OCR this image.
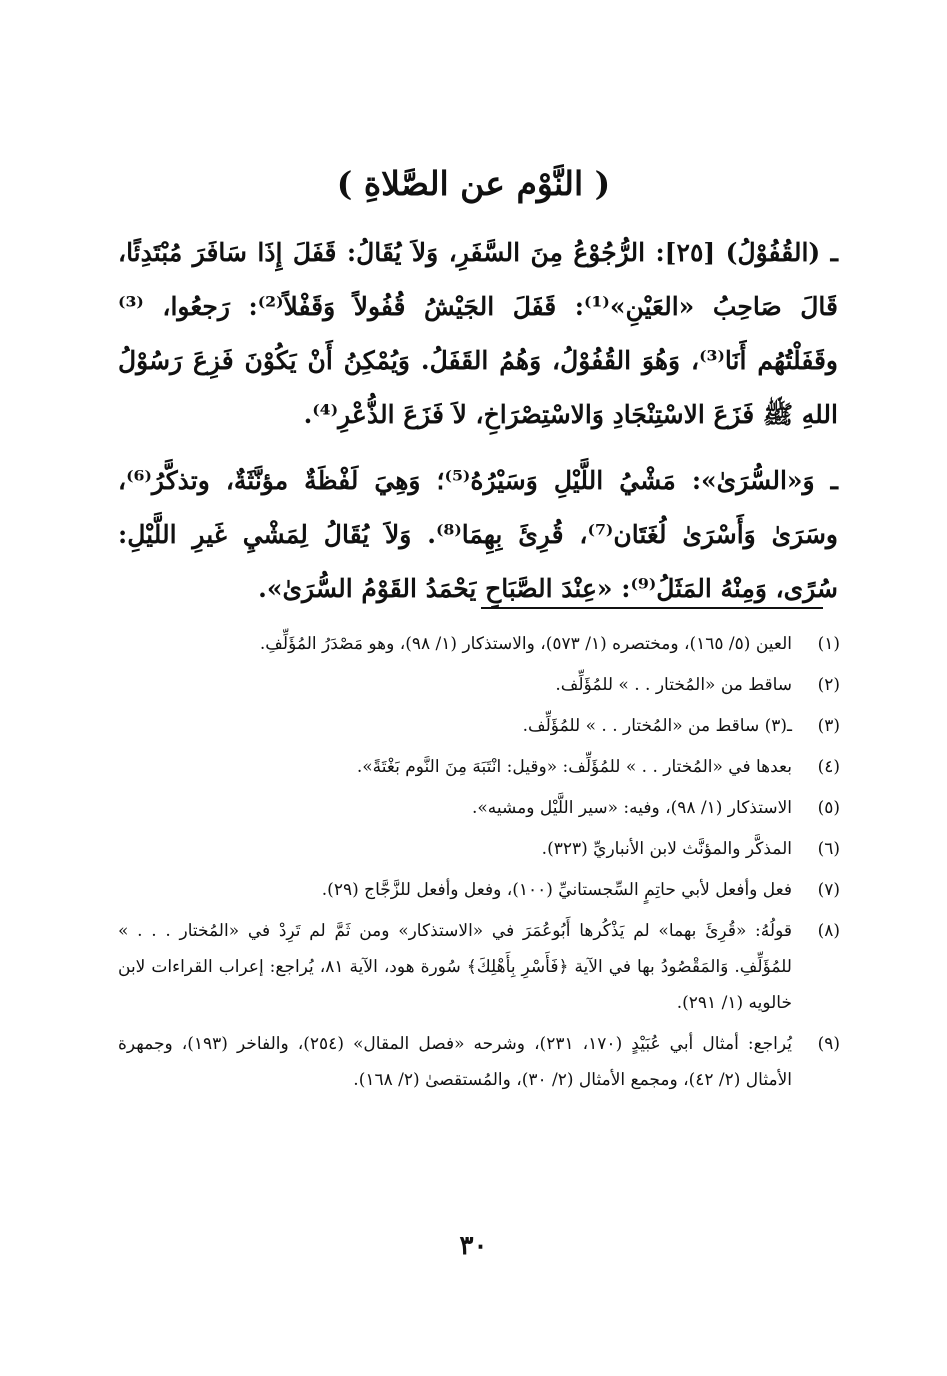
( النَّوْم عن الصَّلاةِ )

ـ (القُفُوْلُ) [٢٥]: الرُّجُوْعُ مِنَ السَّفَرِ، وَلاَ يُقَالُ: قَفَلَ إِذَا سَافَرَ مُبْتَدِئًا، قَالَ صَاحِبُ «العَيْنِ»⁽¹⁾: قَفَلَ الجَيْشُ قُفُولاً وَقَفْلاً⁽²⁾: رَجعُوا، ⁽³⁾وقَفَلْتُهُم أَنَا⁽³⁾، وَهُوَ القُفُوْلُ، وَهُمُ القَفَلُ. وَيُمْكِنُ أَنْ يَكُوْنَ فَزِعَ رَسُوْلُ اللهِ ﷺ فَزَعَ الاسْتِنْجَادِ وَالاسْتِصْرَاخِ، لاَ فَزَعَ الذُّعْرِ⁽⁴⁾.

ـ وَ«السُّرَىٰ»: مَشْيُ اللَّيْلِ وَسَيْرُهُ⁽⁵⁾؛ وَهِيَ لَفْظَةٌ مؤنَّثَةٌ، وتذكَّرُ⁽⁶⁾، وسَرَىٰ وَأَسْرَىٰ لُغَتَان⁽⁷⁾، قُرِئَ بِهِمَا⁽⁸⁾. وَلاَ يُقَالُ لِمَشْيِ غَيرِ اللَّيْلِ: سُرًى، وَمِنْهُ المَثَلُ⁽⁹⁾: «عِنْدَ الصَّبَاحِ يَحْمَدُ القَوْمُ السُّرَىٰ».

(١)
العين (٥/ ١٦٥)، ومختصره (١/ ٥٧٣)، والاستذكار (١/ ٩٨)، وهو مَصْدَرُ المُؤَلِّفِ.
(٢)
ساقط من «المُختار . . » للمُؤَلِّف.
(٣)
ـ(٣) ساقط من «المُختار . . » للمُؤَلِّف.
(٤)
بعدها في «المُختار . . » للمُؤَلِّف: «وقيل: انْتَبَهَ مِنَ النَّوم بَغْتَةً».
(٥)
الاستذكار (١/ ٩٨)، وفيه: «سير اللَّيْل ومشيه».
(٦)
المذكَّر والمؤنَّث لابن الأنباريِّ (٣٢٣).
(٧)
فعل وأفعل لأبي حاتِمٍ السِّجستانيِّ (١٠٠)، وفعل وأفعل للزَّجَّاج (٢٩).
(٨)
قولُهُ: «قُرِئَ بهما» لم يَذْكُرها أَبُوعُمَرَ في «الاستذكار» ومن ثَمَّ لم تَرِدْ في «المُختار . . . » للمُؤَلِّفِ. وَالمَقْصُودُ بها في الآية ﴿فَأَسْرِ بِأَهْلِكَ﴾ سُورة هود، الآية ٨١، يُراجع: إعراب القراءات لابن خالويه (١/ ٢٩١).
(٩)
يُراجع: أمثال أبي عُبَيْدٍ (١٧٠، ٢٣١)، وشرحه «فصل المقال» (٢٥٤)، والفاخر (١٩٣)، وجمهرة الأمثال (٢/ ٤٢)، ومجمع الأمثال (٢/ ٣٠)، والمُستقصىٰ (٢/ ١٦٨).
٣٠
